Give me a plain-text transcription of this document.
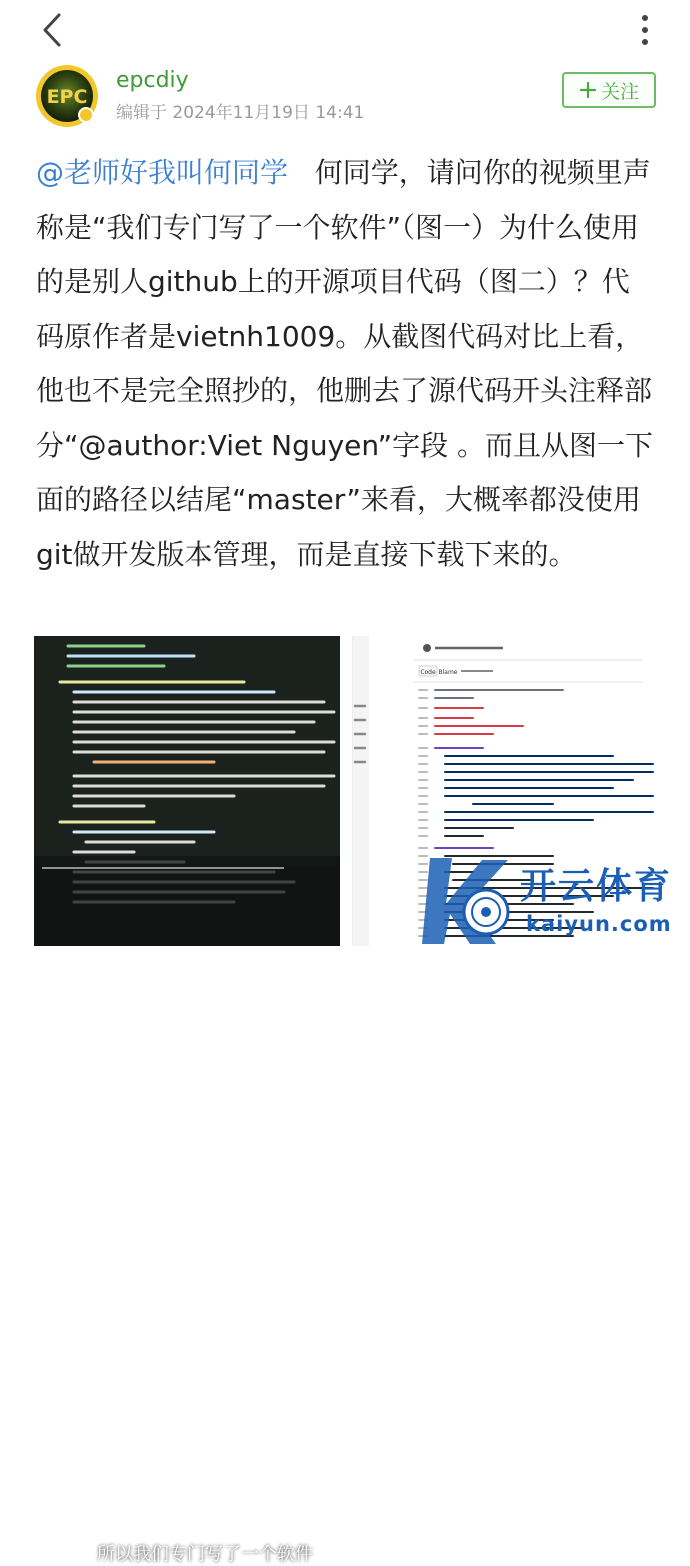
EPC
epcdiy
编辑于 2024年11月19日 14:41
关注
@老师好我叫何同学 何同学，请问你的视频里声称是“我们专门写了一个软件”（图一）为什么使用的是别人github上的开源项目代码（图二）？代码原作者是vietnh1009。从截图代码对比上看，他也不是完全照抄的，他删去了源代码开头注释部分“@author:Viet Nguyen”字段 。而且从图一下面的路径以结尾“master”来看，大概率都没使用git做开发版本管理，而是直接下载下来的。
所以我们专门写了一个软件
Code Blame
开云体育
kaiyun.com
